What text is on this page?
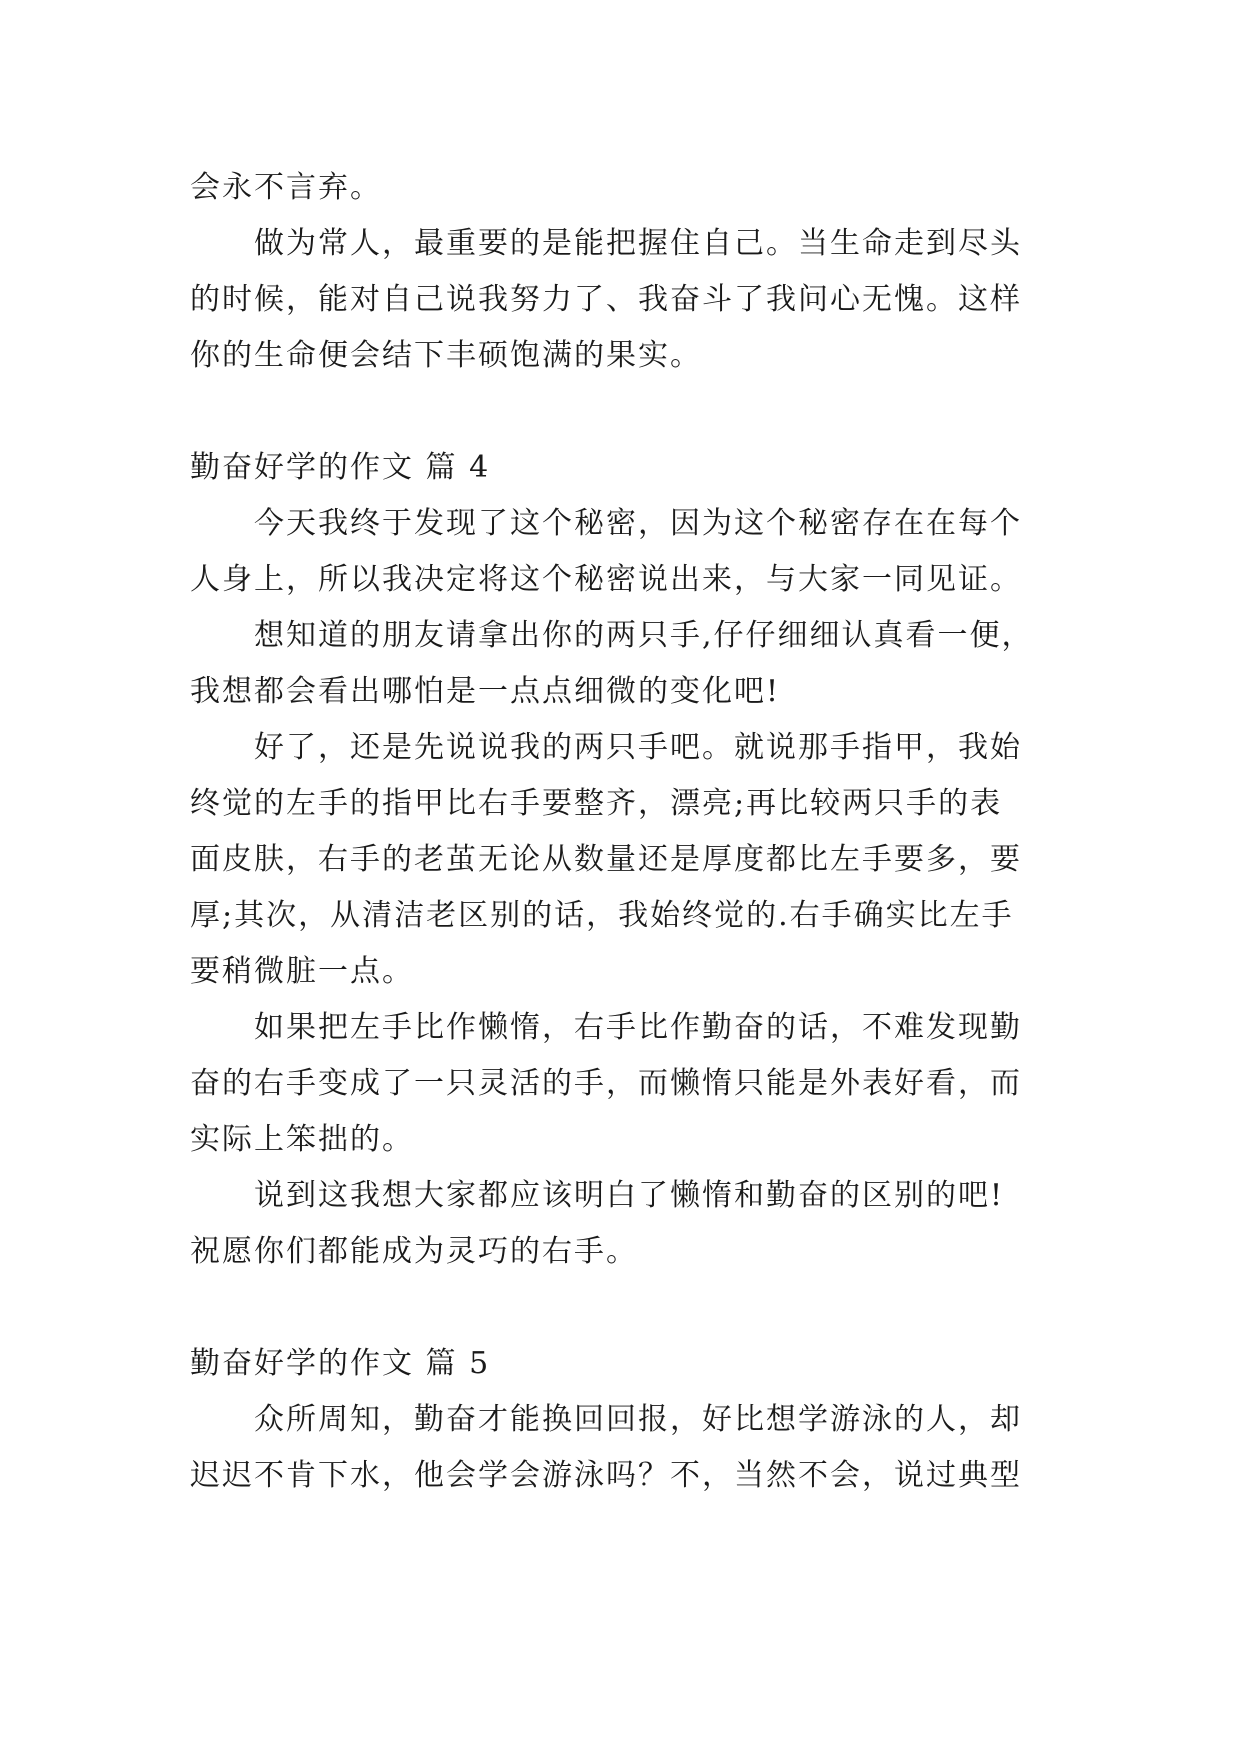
会永不言弃。
做为常人，最重要的是能把握住自己。当生命走到尽头
的时候，能对自己说我努力了、我奋斗了我问心无愧。这样
你的生命便会结下丰硕饱满的果实。
勤奋好学的作文 篇 4
今天我终于发现了这个秘密，因为这个秘密存在在每个
人身上，所以我决定将这个秘密说出来，与大家一同见证。
想知道的朋友请拿出你的两只手,仔仔细细认真看一便，
我想都会看出哪怕是一点点细微的变化吧!
好了，还是先说说我的两只手吧。就说那手指甲，我始
终觉的左手的指甲比右手要整齐，漂亮;再比较两只手的表
面皮肤，右手的老茧无论从数量还是厚度都比左手要多，要
厚;其次，从清洁老区别的话，我始终觉的.右手确实比左手
要稍微脏一点。
如果把左手比作懒惰，右手比作勤奋的话，不难发现勤
奋的右手变成了一只灵活的手，而懒惰只能是外表好看，而
实际上笨拙的。
说到这我想大家都应该明白了懒惰和勤奋的区别的吧!
祝愿你们都能成为灵巧的右手。
勤奋好学的作文 篇 5
众所周知，勤奋才能换回回报，好比想学游泳的人，却
迟迟不肯下水，他会学会游泳吗？不，当然不会，说过典型
